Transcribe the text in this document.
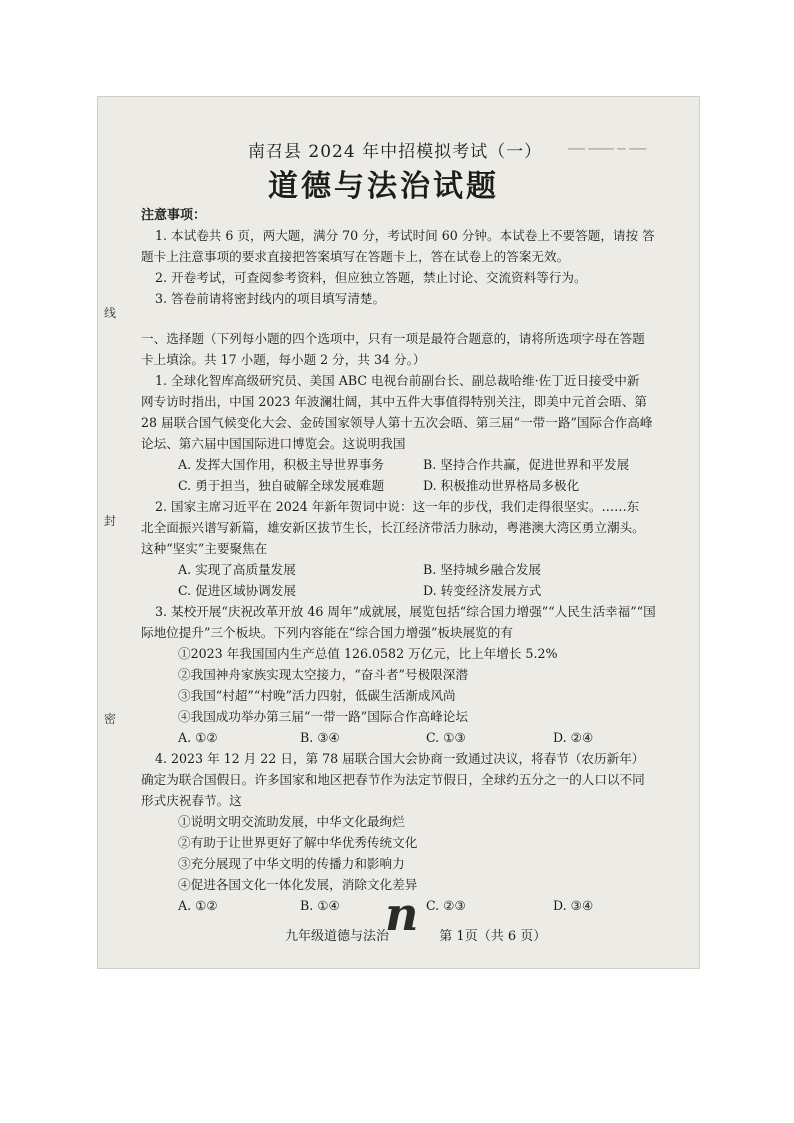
▁▁ ▁▁▁ ▁ ▁▁
线
封
密
南召县 2024 年中招模拟考试（一）
道德与法治试题
注意事项：
1. 本试卷共 6 页，两大题，满分 70 分，考试时间 60 分钟。本试卷上不要答题，请按 答
题卡上注意事项的要求直接把答案填写在答题卡上，答在试卷上的答案无效。
2. 开卷考试，可查阅参考资料，但应独立答题，禁止讨论、交流资料等行为。
3. 答卷前请将密封线内的项目填写清楚。
一、选择题（下列每小题的四个选项中，只有一项是最符合题意的，请将所选项字母在答题
卡上填涂。共 17 小题，每小题 2 分，共 34 分。）
1. 全球化智库高级研究员、美国 ABC 电视台前副台长、副总裁哈维·佐丁近日接受中新
网专访时指出，中国 2023 年波澜壮阔，其中五件大事值得特别关注，即美中元首会晤、第
28 届联合国气候变化大会、金砖国家领导人第十五次会晤、第三届“一带一路”国际合作高峰
论坛、第六届中国国际进口博览会。这说明我国
A. 发挥大国作用，积极主导世界事务	B. 坚持合作共赢，促进世界和平发展
C. 勇于担当，独自破解全球发展难题	D. 积极推动世界格局多极化
2. 国家主席习近平在 2024 年新年贺词中说：这一年的步伐，我们走得很坚实。……东
北全面振兴谱写新篇，雄安新区拔节生长，长江经济带活力脉动，粤港澳大湾区勇立潮头。
这种“坚实”主要聚焦在
A. 实现了高质量发展	B. 坚持城乡融合发展
C. 促进区域协调发展	D. 转变经济发展方式
3. 某校开展“庆祝改革开放 46 周年”成就展，展览包括“综合国力增强”“人民生活幸福”“国
际地位提升”三个板块。下列内容能在“综合国力增强”板块展览的有
①2023 年我国国内生产总值 126.0582 万亿元，比上年增长 5.2%
②我国神舟家族实现太空接力，“奋斗者”号极限深潜
③我国“村超”“村晚”活力四射，低碳生活渐成风尚
④我国成功举办第三届“一带一路”国际合作高峰论坛
A. ①②	B. ③④	C. ①③	D. ②④
4. 2023 年 12 月 22 日，第 78 届联合国大会协商一致通过决议，将春节（农历新年）
确定为联合国假日。许多国家和地区把春节作为法定节假日，全球约五分之一的人口以不同
形式庆祝春节。这
①说明文明交流助发展，中华文化最绚烂
②有助于让世界更好了解中华优秀传统文化
③充分展现了中华文明的传播力和影响力
④促进各国文化一体化发展，消除文化差异
A. ①②	B. ①④	C. ②③	D. ③④
n
九年级道德与法治	第 1页（共 6 页）
